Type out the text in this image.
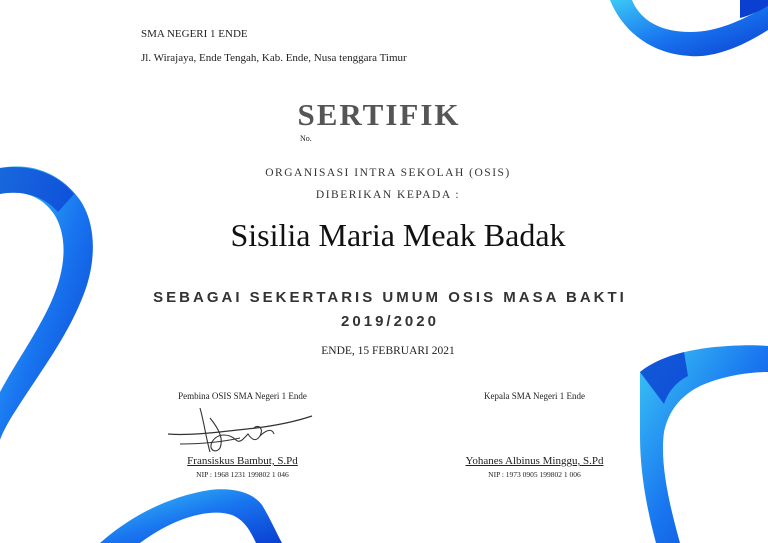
SMA NEGERI 1 ENDE
Jl. Wirajaya, Ende Tengah, Kab. Ende, Nusa tenggara Timur
SERTIFIK
No.
ORGANISASI INTRA SEKOLAH (OSIS)
DIBERIKAN KEPADA :
Sisilia Maria Meak Badak
SEBAGAI SEKERTARIS UMUM OSIS MASA BAKTI
2019/2020
ENDE, 15 FEBRUARI 2021
Pembina OSIS SMA Negeri 1 Ende
Fransiskus Bambut, S.Pd
NIP : 1968 1231 199802 1 046
Kepala SMA Negeri 1 Ende
Yohanes Albinus Minggu, S.Pd
NIP : 1973 0905 199802 1 006
